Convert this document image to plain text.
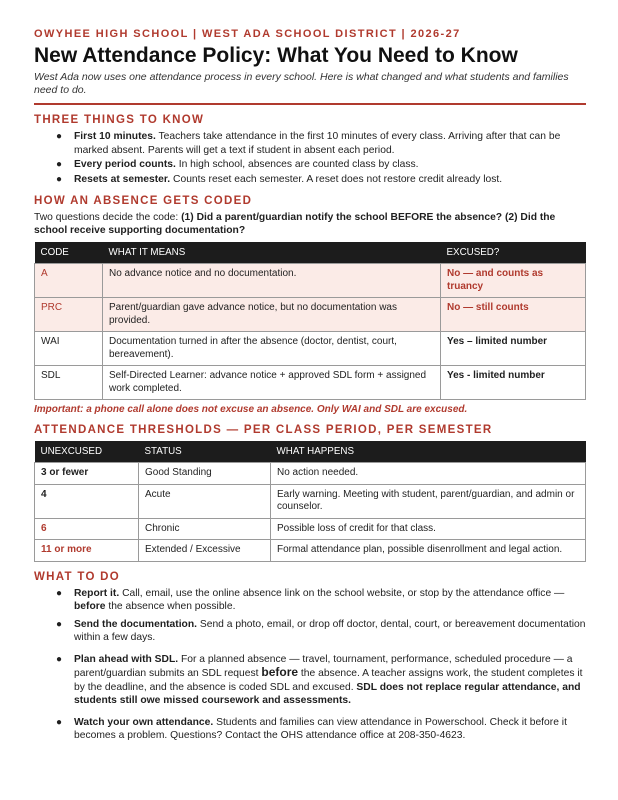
OWYHEE HIGH SCHOOL | WEST ADA SCHOOL DISTRICT | 2026-27
New Attendance Policy: What You Need to Know
West Ada now uses one attendance process in every school. Here is what changed and what students and families need to do.
THREE THINGS TO KNOW
● First 10 minutes. Teachers take attendance in the first 10 minutes of every class. Arriving after that can be marked absent. Parents will get a text if student in absent each period.
● Every period counts. In high school, absences are counted class by class.
● Resets at semester. Counts reset each semester. A reset does not restore credit already lost.
HOW AN ABSENCE GETS CODED
Two questions decide the code: (1) Did a parent/guardian notify the school BEFORE the absence? (2) Did the school receive supporting documentation?
CODE	WHAT IT MEANS	EXCUSED?
A	No advance notice and no documentation.	No — and counts as truancy
PRC	Parent/guardian gave advance notice, but no documentation was provided.	No — still counts
WAI	Documentation turned in after the absence (doctor, dentist, court, bereavement).	Yes – limited number
SDL	Self-Directed Learner: advance notice + approved SDL form + assigned work completed.	Yes - limited number
Important: a phone call alone does not excuse an absence. Only WAI and SDL are excused.
ATTENDANCE THRESHOLDS — PER CLASS PERIOD, PER SEMESTER
UNEXCUSED	STATUS	WHAT HAPPENS
3 or fewer	Good Standing	No action needed.
4	Acute	Early warning. Meeting with student, parent/guardian, and admin or counselor.
6	Chronic	Possible loss of credit for that class.
11 or more	Extended / Excessive	Formal attendance plan, possible disenrollment and legal action.
WHAT TO DO
● Report it. Call, email, use the online absence link on the school website, or stop by the attendance office — before the absence when possible.
● Send the documentation. Send a photo, email, or drop off doctor, dental, court, or bereavement documentation within a few days.
● Plan ahead with SDL. For a planned absence — travel, tournament, performance, scheduled procedure — a parent/guardian submits an SDL request before the absence. A teacher assigns work, the student completes it by the deadline, and the absence is coded SDL and excused. SDL does not replace regular attendance, and students still owe missed coursework and assessments.
● Watch your own attendance. Students and families can view attendance in Powerschool. Check it before it becomes a problem. Questions? Contact the OHS attendance office at 208-350-4623.
